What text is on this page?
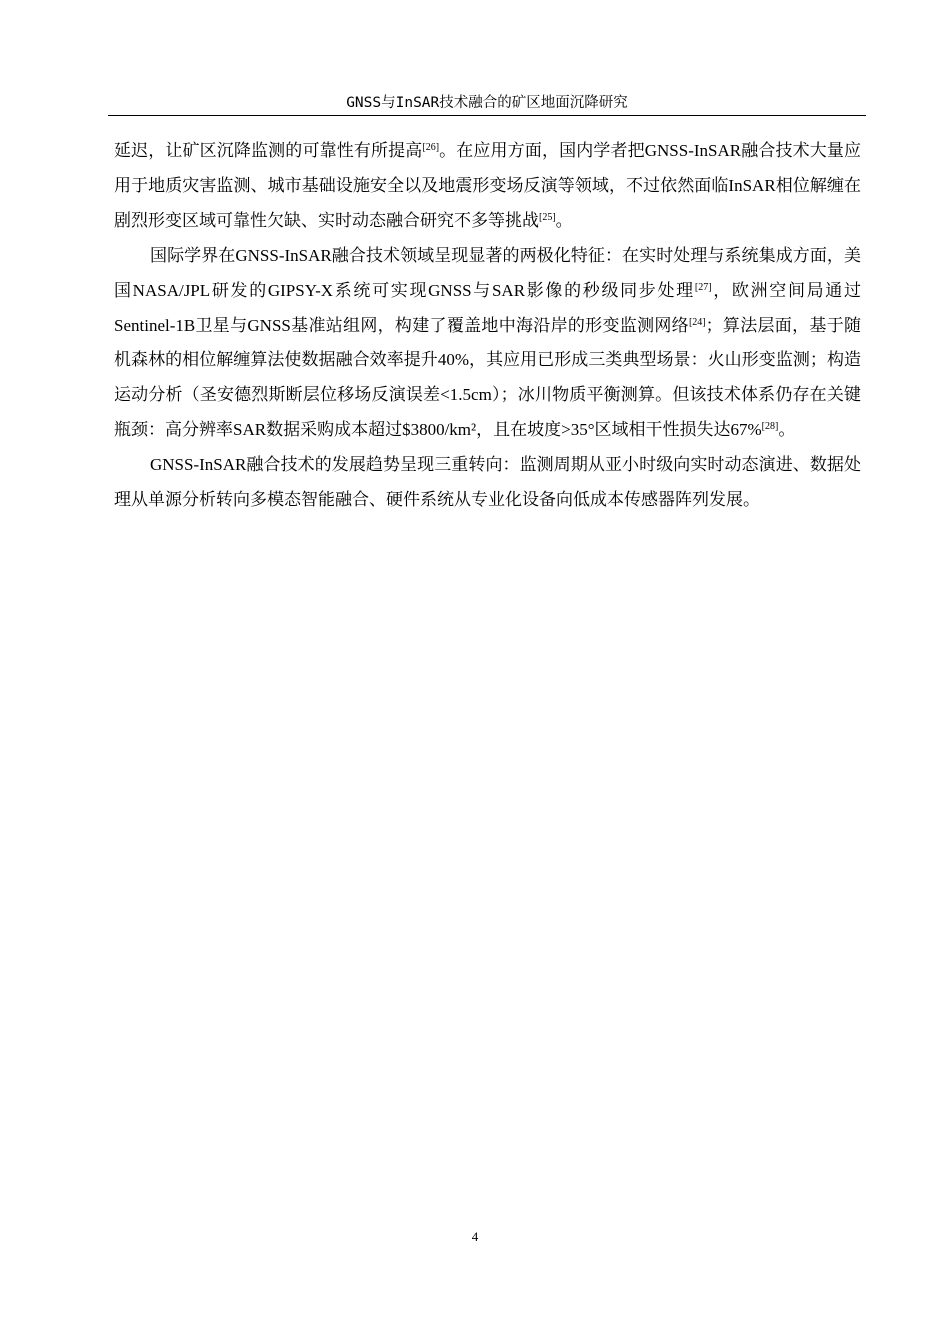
GNSS与InSAR技术融合的矿区地面沉降研究

延迟，让矿区沉降监测的可靠性有所提高[26]。在应用方面，国内学者把GNSS-InSAR融合技术大量应用于地质灾害监测、城市基础设施安全以及地震形变场反演等领域，不过依然面临InSAR相位解缠在剧烈形变区域可靠性欠缺、实时动态融合研究不多等挑战[25]。

国际学界在GNSS-InSAR融合技术领域呈现显著的两极化特征：在实时处理与系统集成方面，美国NASA/JPL研发的GIPSY-X系统可实现GNSS与SAR影像的秒级同步处理[27]，欧洲空间局通过Sentinel-1B卫星与GNSS基准站组网，构建了覆盖地中海沿岸的形变监测网络[24]；算法层面，基于随机森林的相位解缠算法使数据融合效率提升40%，其应用已形成三类典型场景：火山形变监测；构造运动分析（圣安德烈斯断层位移场反演误差<1.5cm）；冰川物质平衡测算。但该技术体系仍存在关键瓶颈：高分辨率SAR数据采购成本超过$3800/km²，且在坡度>35°区域相干性损失达67%[28]。

GNSS-InSAR融合技术的发展趋势呈现三重转向：监测周期从亚小时级向实时动态演进、数据处理从单源分析转向多模态智能融合、硬件系统从专业化设备向低成本传感器阵列发展。

4
